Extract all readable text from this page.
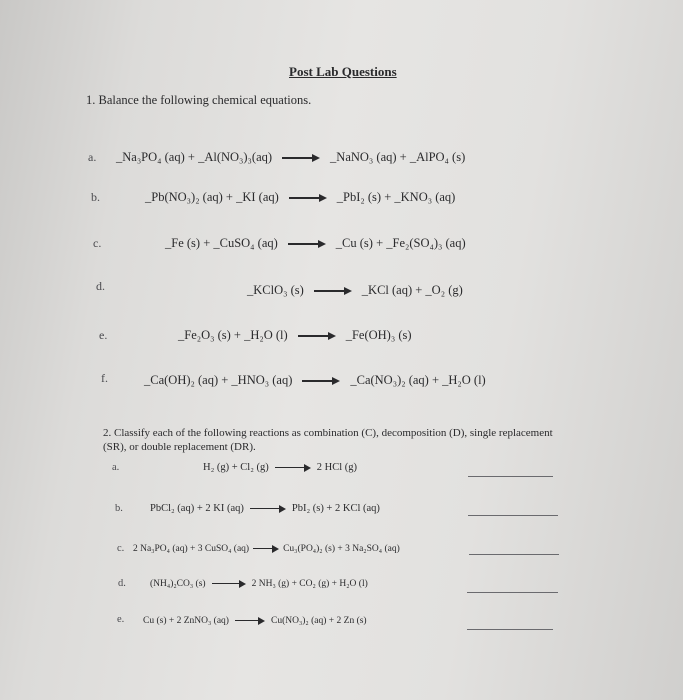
Post Lab Questions
1. Balance the following chemical equations.
a. _Na₃PO₄ (aq) + _Al(NO₃)₃(aq)	_NaNO₃ (aq) + _AlPO₄ (s)
b.	_Pb(NO₃)₂ (aq) + _KI (aq)	_PbI₂ (s) + _KNO₃ (aq)
c.	_Fe (s) + _CuSO₄ (aq)	_Cu (s) + _Fe₂(SO₄)₃ (aq)
d.	_KClO₃ (s)	_KCl (aq) + _O₂ (g)
e.	_Fe₂O₃ (s) + _H₂O (l)	_Fe(OH)₃ (s)
f.	_Ca(OH)₂ (aq) + _HNO₃ (aq)	_Ca(NO₃)₂ (aq) + _H₂O (l)
2. Classify each of the following reactions as combination (C), decomposition (D), single replacement (SR), or double replacement (DR).
a.	H₂ (g) + Cl₂ (g)	2 HCl (g)
b.	PbCl₂ (aq) + 2 KI (aq)	PbI₂ (s) + 2 KCl (aq)
c. 2 Na₃PO₄ (aq) + 3 CuSO₄ (aq)	Cu₃(PO₄)₂ (s) + 3 Na₂SO₄ (aq)
d.	(NH₄)₂CO₃ (s)	2 NH₃ (g) + CO₂ (g) + H₂O (l)
e. Cu (s) + 2 ZnNO₃ (aq)	Cu(NO₃)₂ (aq) + 2 Zn (s)
